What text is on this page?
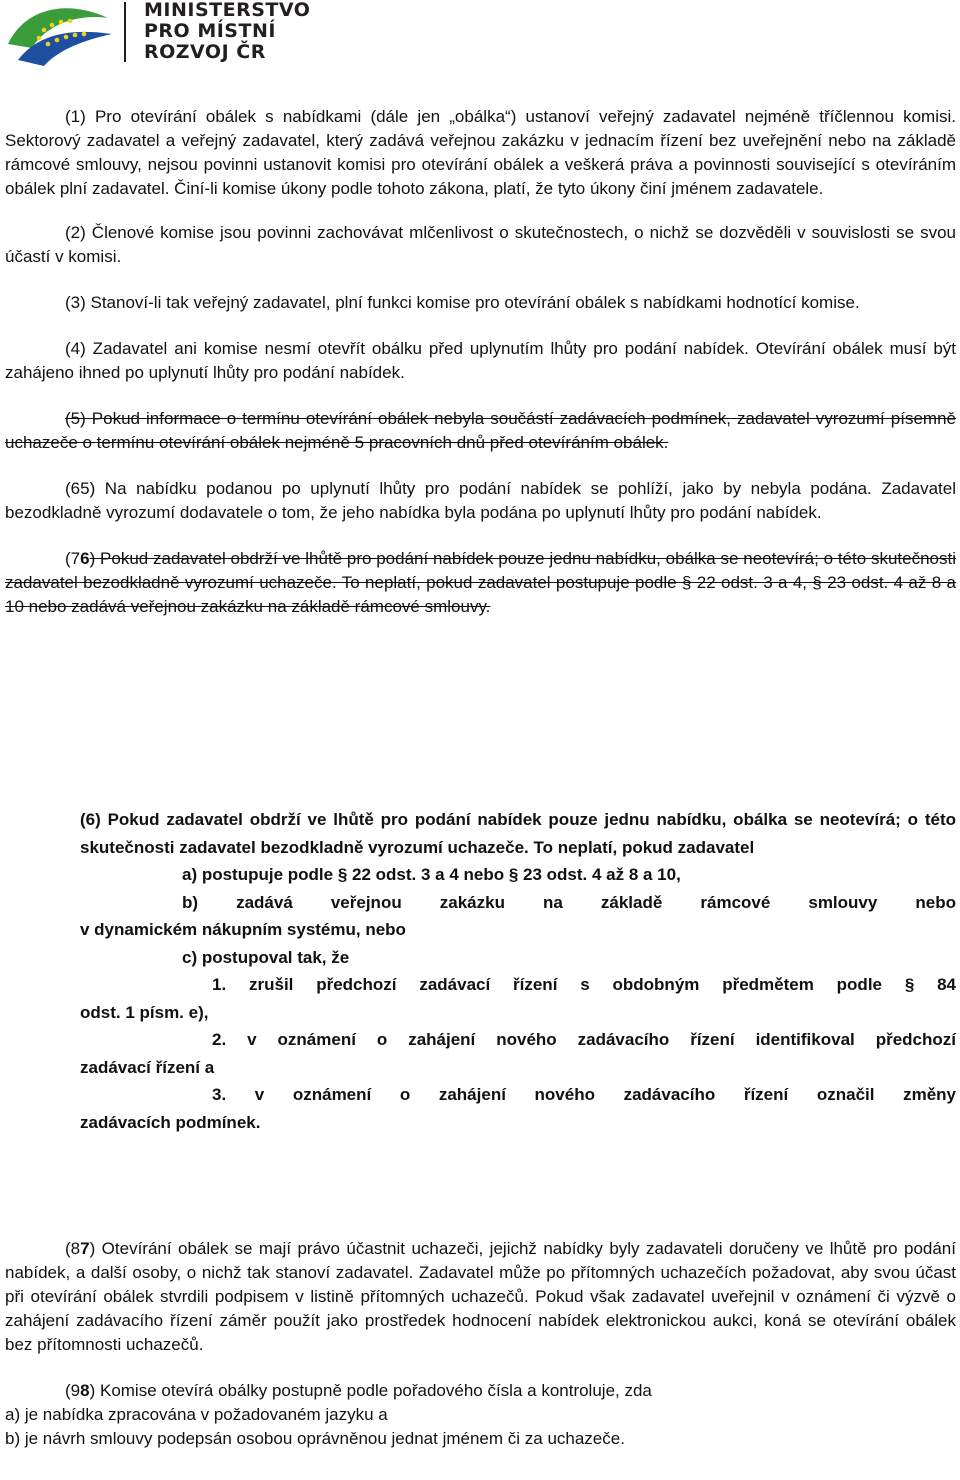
MINISTERSTVO
PRO MÍSTNÍ
ROZVOJ ČR

(1) Pro otevírání obálek s nabídkami (dále jen „obálka“) ustanoví veřejný zadavatel nejméně tříčlennou komisi. Sektorový zadavatel a veřejný zadavatel, který zadává veřejnou zakázku v jednacím řízení bez uveřejnění nebo na základě rámcové smlouvy, nejsou povinni ustanovit komisi pro otevírání obálek a veškerá práva a povinnosti související s otevíráním obálek plní zadavatel. Činí-li komise úkony podle tohoto zákona, platí, že tyto úkony činí jménem zadavatele.

(2) Členové komise jsou povinni zachovávat mlčenlivost o skutečnostech, o nichž se dozvěděli v souvislosti se svou účastí v komisi.

(3) Stanoví-li tak veřejný zadavatel, plní funkci komise pro otevírání obálek s nabídkami hodnotící komise.

(4) Zadavatel ani komise nesmí otevřít obálku před uplynutím lhůty pro podání nabídek. Otevírání obálek musí být zahájeno ihned po uplynutí lhůty pro podání nabídek.

(5) Pokud informace o termínu otevírání obálek nebyla součástí zadávacích podmínek, zadavatel vyrozumí písemně uchazeče o termínu otevírání obálek nejméně 5 pracovních dnů před otevíráním obálek.

(65) Na nabídku podanou po uplynutí lhůty pro podání nabídek se pohlíží, jako by nebyla podána. Zadavatel bezodkladně vyrozumí dodavatele o tom, že jeho nabídka byla podána po uplynutí lhůty pro podání nabídek.

(76) Pokud zadavatel obdrží ve lhůtě pro podání nabídek pouze jednu nabídku, obálka se neotevírá; o této skutečnosti zadavatel bezodkladně vyrozumí uchazeče. To neplatí, pokud zadavatel postupuje podle § 22 odst. 3 a 4, § 23 odst. 4 až 8 a 10 nebo zadává veřejnou zakázku na základě rámcové smlouvy.

(6) Pokud zadavatel obdrží ve lhůtě pro podání nabídek pouze jednu nabídku, obálka se neotevírá; o této skutečnosti zadavatel bezodkladně vyrozumí uchazeče. To neplatí, pokud zadavatel

a) postupuje podle § 22 odst. 3 a 4 nebo § 23 odst. 4 až 8 a 10,

b) zadává veřejnou zakázku na základě rámcové smlouvy nebo

v dynamickém nákupním systému, nebo

c) postupoval tak, že

1. zrušil předchozí zadávací řízení s obdobným předmětem podle § 84

odst. 1 písm. e),

2. v oznámení o zahájení nového zadávacího řízení identifikoval předchozí

zadávací řízení a

3. v oznámení o zahájení nového zadávacího řízení označil změny

zadávacích podmínek.

(87) Otevírání obálek se mají právo účastnit uchazeči, jejichž nabídky byly zadavateli doručeny ve lhůtě pro podání nabídek, a další osoby, o nichž tak stanoví zadavatel. Zadavatel může po přítomných uchazečích požadovat, aby svou účast při otevírání obálek stvrdili podpisem v listině přítomných uchazečů. Pokud však zadavatel uveřejnil v oznámení či výzvě o zahájení zadávacího řízení záměr použít jako prostředek hodnocení nabídek elektronickou aukci, koná se otevírání obálek bez přítomnosti uchazečů.

(98) Komise otevírá obálky postupně podle pořadového čísla a kontroluje, zda

a) je nabídka zpracována v požadovaném jazyku a

b) je návrh smlouvy podepsán osobou oprávněnou jednat jménem či za uchazeče.
